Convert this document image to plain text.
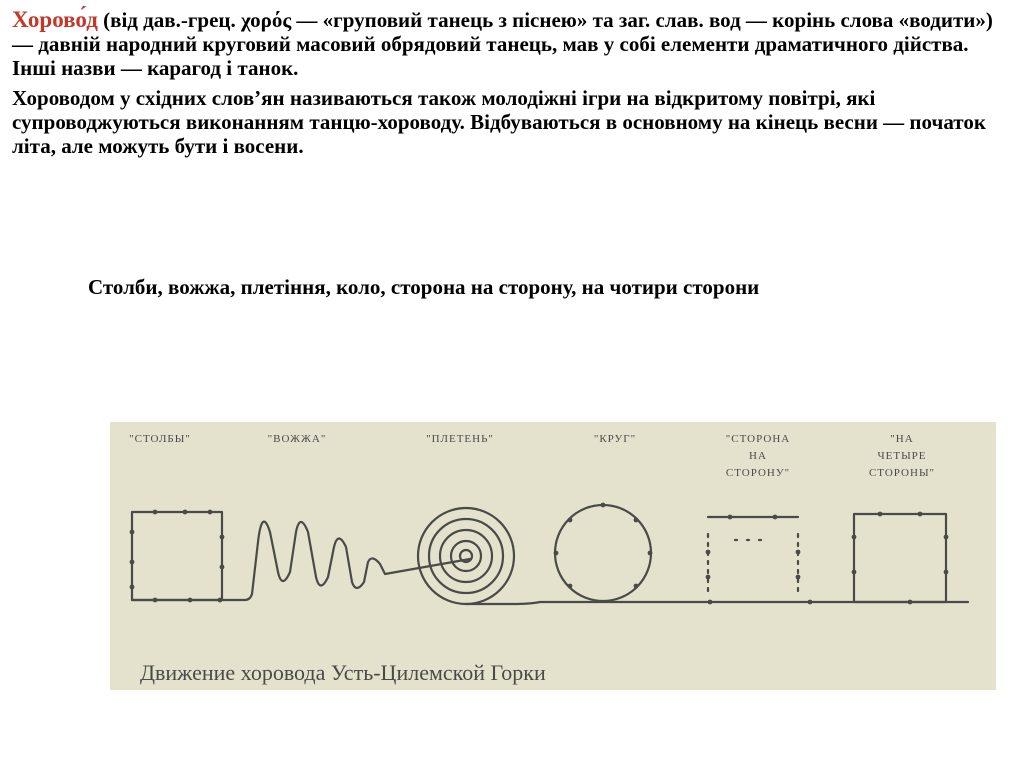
Хорово́д (від дав.-грец. χορός — «груповий танець з піснею» та заг. слав. вод — корінь слова «водити») — давній народний круговий масовий обрядовий танець, мав у собі елементи драматичного дійства. Інші назви — карагод і танок.

Хороводом у східних слов’ян називаються також молодіжні ігри на відкритому повітрі, які супроводжуються виконанням танцю-хороводу. Відбуваються в основному на кінець весни — початок літа, але можуть бути і восени.

Столби, вожжа, плетіння, коло, сторона на сторону, на чотири сторони
"СТОЛБЫ"	"ВОЖЖА"	"ПЛЕТЕНЬ"	"КРУГ"	"СТОРОНА
НА
СТОРОНУ"
"НА
ЧЕТЫРЕ
СТОРОНЫ"
Движение хоровода Усть-Цилемской Горки
